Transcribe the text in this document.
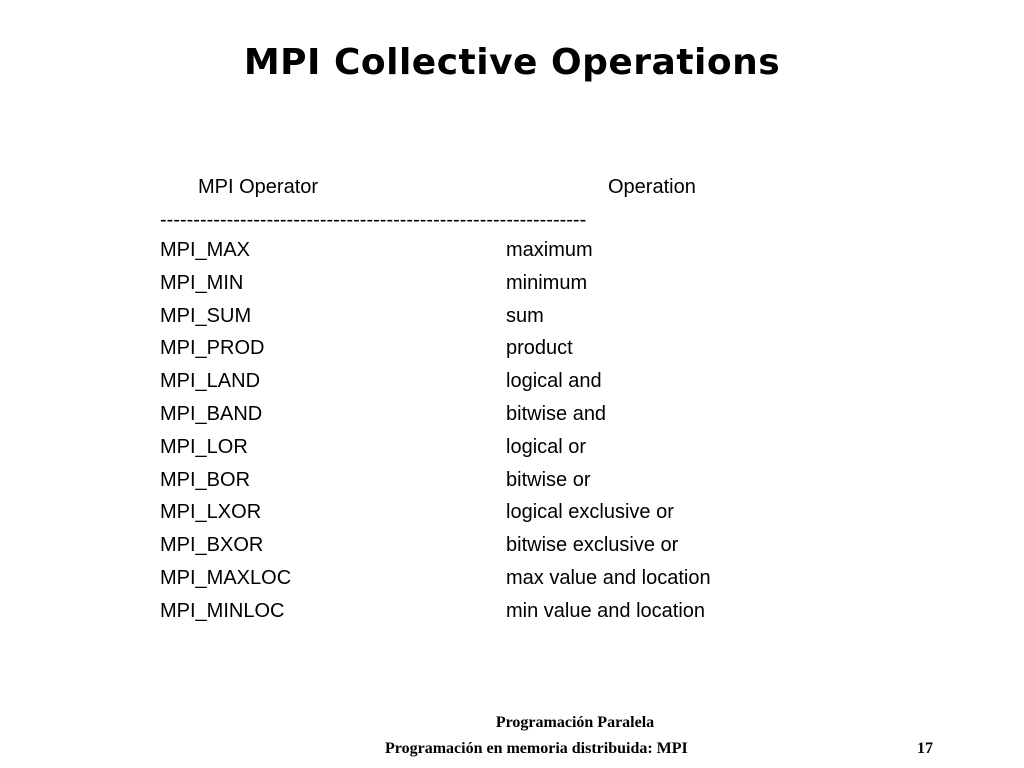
MPI Collective Operations
MPI Operator	Operation
----------------------------------------------------------------
MPI_MAX	maximum
MPI_MIN	minimum
MPI_SUM	sum
MPI_PROD	product
MPI_LAND	logical and
MPI_BAND	bitwise and
MPI_LOR	logical or
MPI_BOR	bitwise or
MPI_LXOR	logical exclusive or
MPI_BXOR	bitwise exclusive or
MPI_MAXLOC	max value and location
MPI_MINLOC	min value and location
Programación Paralela
Programación en memoria distribuida: MPI	17
